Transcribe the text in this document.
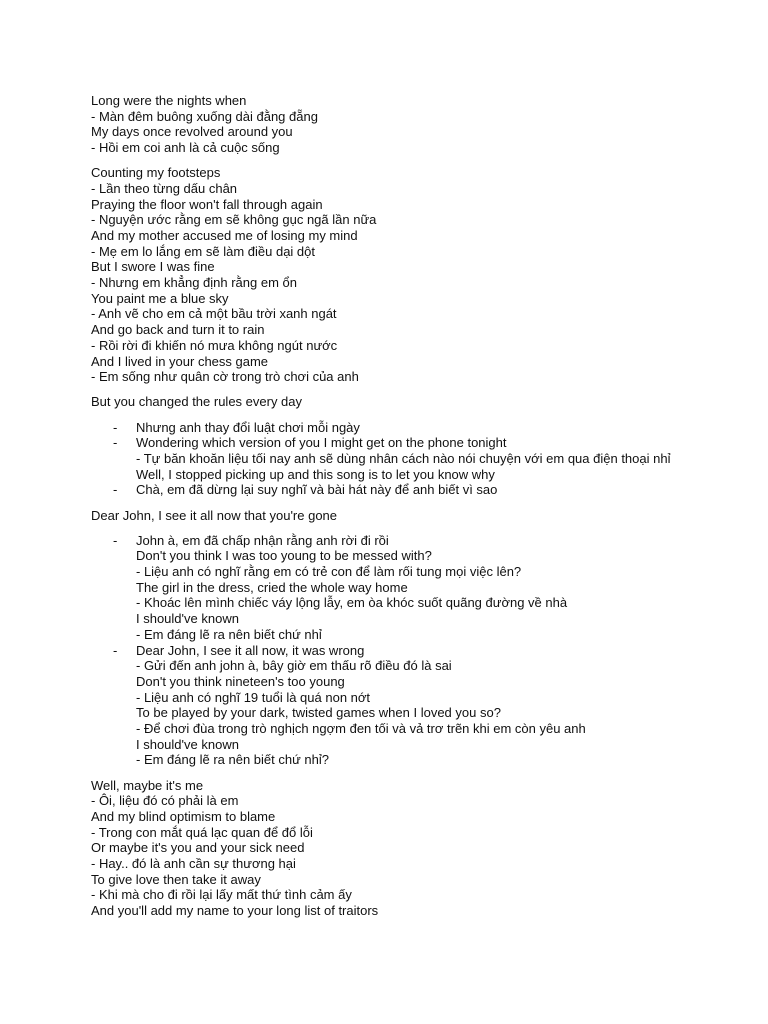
Long were the nights when
- Màn đêm buông xuống dài đằng đẵng
My days once revolved around you
- Hồi em coi anh là cả cuộc sống
Counting my footsteps
- Lần theo từng dấu chân
Praying the floor won't fall through again
- Nguyện ước rằng em sẽ không gục ngã lần nữa
And my mother accused me of losing my mind
- Mẹ em lo lắng em sẽ làm điều dại dột
But I swore I was fine
- Nhưng em khẳng định rằng em ổn
You paint me a blue sky
- Anh vẽ cho em cả một bầu trời xanh ngát
And go back and turn it to rain
- Rồi rời đi khiến nó mưa không ngút nước
And I lived in your chess game
- Em sống như quân cờ trong trò chơi của anh
But you changed the rules every day
- Nhưng anh thay đổi luật chơi mỗi ngày
- Wondering which version of you I might get on the phone tonight
- Tự băn khoăn liệu tối nay anh sẽ dùng nhân cách nào nói chuyện với em qua điện thoại nhỉ
Well, I stopped picking up and this song is to let you know why
- Chà, em đã dừng lại suy nghĩ và bài hát này để anh biết vì sao
Dear John, I see it all now that you're gone
- John à, em đã chấp nhận rằng anh rời đi rồi
Don't you think I was too young to be messed with?
- Liệu anh có nghĩ rằng em có trẻ con để làm rối tung mọi việc lên?
The girl in the dress, cried the whole way home
- Khoác lên mình chiếc váy lộng lẫy, em òa khóc suốt quãng đường về nhà
I should've known
- Em đáng lẽ ra nên biết chứ nhỉ
- Dear John, I see it all now, it was wrong
- Gửi đến anh john à, bây giờ em thấu rõ điều đó là sai
Don't you think nineteen's too young
- Liệu anh có nghĩ 19 tuổi là quá non nớt
To be played by your dark, twisted games when I loved you so?
- Để chơi đùa trong trò nghịch ngợm đen tối và vả trơ trẽn khi em còn yêu anh
I should've known
- Em đáng lẽ ra nên biết chứ nhỉ?
Well, maybe it's me
- Ôi, liệu đó có phải là em
And my blind optimism to blame
- Trong con mắt quá lạc quan để đổ lỗi
Or maybe it's you and your sick need
- Hay.. đó là anh cần sự thương hại
To give love then take it away
- Khi mà cho đi rồi lại lấy mất thứ tình cảm ấy
And you'll add my name to your long list of traitors
